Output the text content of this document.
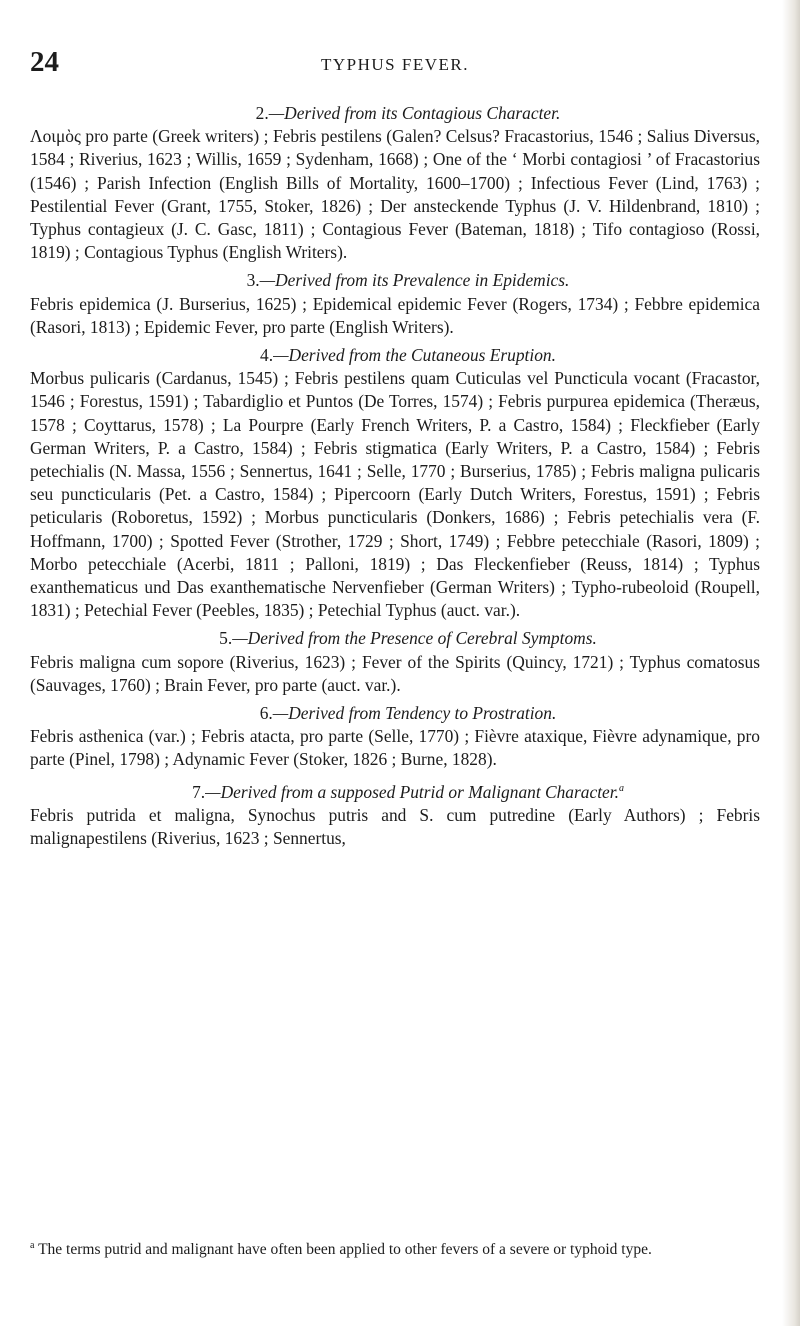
24	TYPHUS FEVER.

2.—Derived from its Contagious Character.

Λοιμὸς pro parte (Greek writers) ; Febris pestilens (Galen? Celsus? Fracastorius, 1546 ; Salius Diversus, 1584 ; Riverius, 1623 ; Willis, 1659 ; Sydenham, 1668) ; One of the ‘ Morbi contagiosi ’ of Fracastorius (1546) ; Parish Infection (English Bills of Mortality, 1600–1700) ; Infectious Fever (Lind, 1763) ; Pestilential Fever (Grant, 1755, Stoker, 1826) ; Der ansteckende Typhus (J. V. Hildenbrand, 1810) ; Typhus contagieux (J. C. Gasc, 1811) ; Contagious Fever (Bateman, 1818) ; Tifo contagioso (Rossi, 1819) ; Contagious Typhus (English Writers).

3.—Derived from its Prevalence in Epidemics.

Febris epidemica (J. Burserius, 1625) ; Epidemical epidemic Fever (Rogers, 1734) ; Febbre epidemica (Rasori, 1813) ; Epidemic Fever, pro parte (English Writers).

4.—Derived from the Cutaneous Eruption.

Morbus pulicaris (Cardanus, 1545) ; Febris pestilens quam Cuticulas vel Puncticula vocant (Fracastor, 1546 ; Forestus, 1591) ; Tabardiglio et Puntos (De Torres, 1574) ; Febris purpurea epidemica (Theræus, 1578 ; Coyttarus, 1578) ; La Pourpre (Early French Writers, P. a Castro, 1584) ; Fleckfieber (Early German Writers, P. a Castro, 1584) ; Febris stigmatica (Early Writers, P. a Castro, 1584) ; Febris petechialis (N. Massa, 1556 ; Sennertus, 1641 ; Selle, 1770 ; Burserius, 1785) ; Febris maligna pulicaris seu puncticularis (Pet. a Castro, 1584) ; Pipercoorn (Early Dutch Writers, Forestus, 1591) ; Febris peticularis (Roboretus, 1592) ; Morbus puncticularis (Donkers, 1686) ; Febris petechialis vera (F. Hoffmann, 1700) ; Spotted Fever (Strother, 1729 ; Short, 1749) ; Febbre petecchiale (Rasori, 1809) ; Morbo petecchiale (Acerbi, 1811 ; Palloni, 1819) ; Das Fleckenfieber (Reuss, 1814) ; Typhus exanthematicus und Das exanthematische Nervenfieber (German Writers) ; Typho-rubeoloid (Roupell, 1831) ; Petechial Fever (Peebles, 1835) ; Petechial Typhus (auct. var.).

5.—Derived from the Presence of Cerebral Symptoms.

Febris maligna cum sopore (Riverius, 1623) ; Fever of the Spirits (Quincy, 1721) ; Typhus comatosus (Sauvages, 1760) ; Brain Fever, pro parte (auct. var.).

6.—Derived from Tendency to Prostration.

Febris asthenica (var.) ; Febris atacta, pro parte (Selle, 1770) ; Fièvre ataxique, Fièvre adynamique, pro parte (Pinel, 1798) ; Adynamic Fever (Stoker, 1826 ; Burne, 1828).

7.—Derived from a supposed Putrid or Malignant Character.$^a$

Febris putrida et maligna, Synochus putris and S. cum putredine (Early Authors) ; Febris malignapestilens (Riverius, 1623 ; Sennertus,

$^a$ The terms putrid and malignant have often been applied to other fevers of a severe or typhoid type.
